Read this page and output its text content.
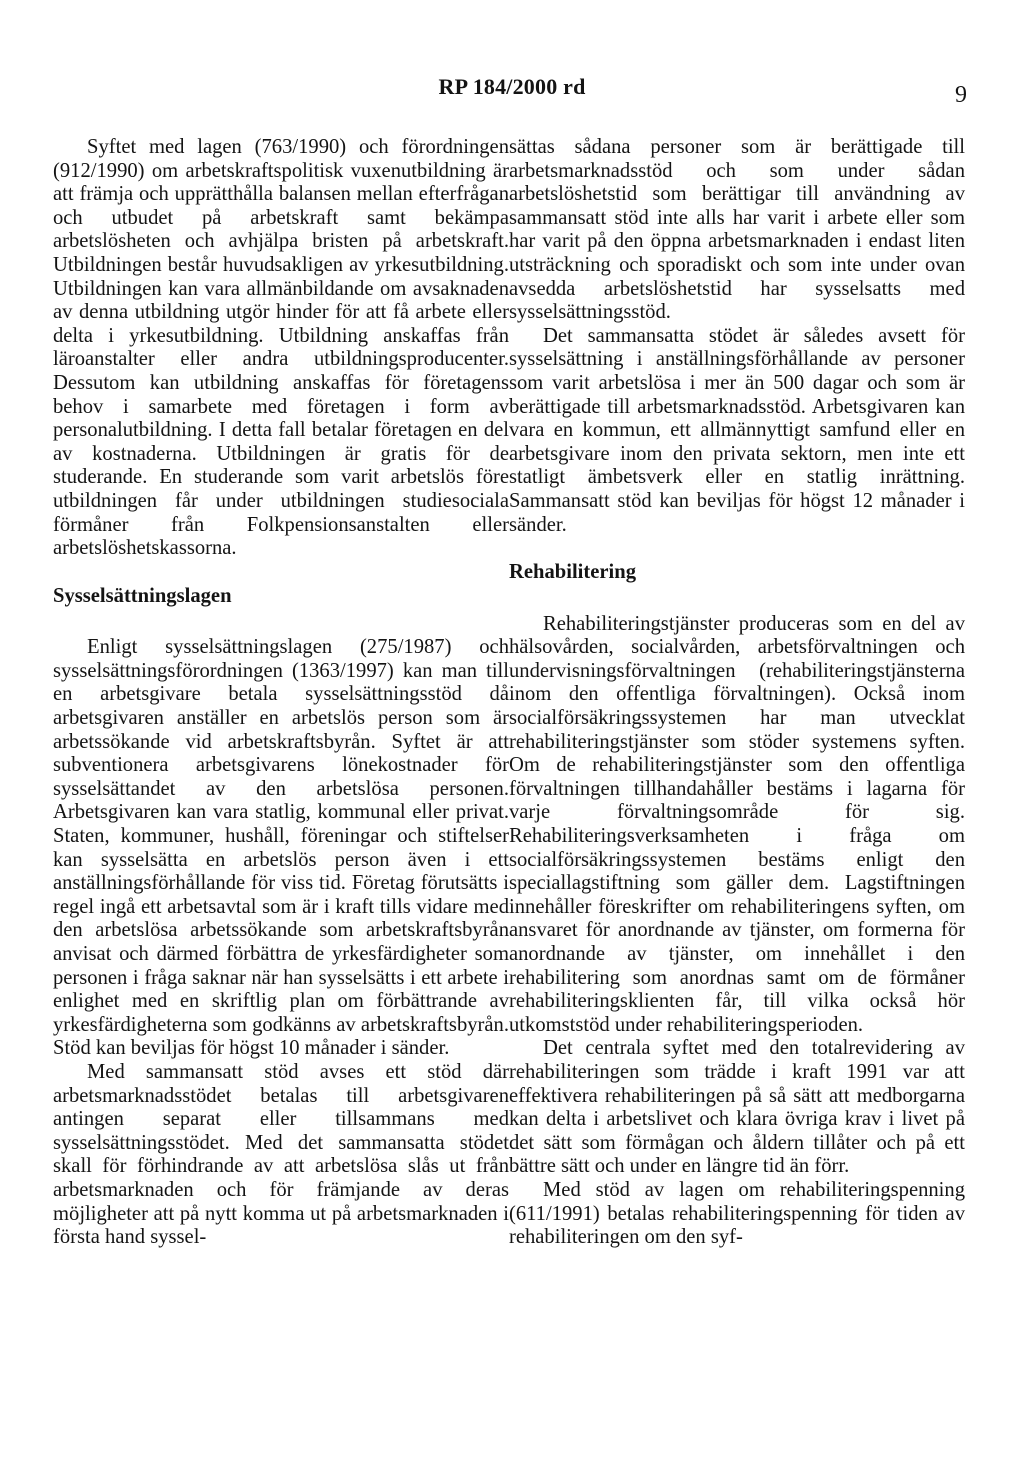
RP 184/2000 rd	9

Syftet med lagen (763/1990) och förordningen (912/1990) om arbetskraftspolitisk vuxenutbildning är att främja och upprätthålla balansen mellan efterfrågan och utbudet på arbetskraft samt bekämpa arbetslösheten och avhjälpa bristen på arbetskraft. Utbildningen består huvudsakligen av yrkesutbildning. Utbildningen kan vara allmänbildande om avsaknaden av denna utbildning utgör hinder för att få arbete eller delta i yrkesutbildning. Utbildning anskaffas från läroanstalter eller andra utbildningsproducenter. Dessutom kan utbildning anskaffas för företagens behov i samarbete med företagen i form av personalutbildning. I detta fall betalar företagen en del av kostnaderna. Utbildningen är gratis för de studerande. En studerande som varit arbetslös före utbildningen får under utbildningen studiesociala förmåner från Folkpensionsanstalten eller arbetslöshetskassorna.

Sysselsättningslagen

Enligt sysselsättningslagen (275/1987) och sysselsättningsförordningen (1363/1997) kan man till en arbetsgivare betala sysselsättningsstöd då arbetsgivaren anställer en arbetslös person som är arbetssökande vid arbetskraftsbyrån. Syftet är att subventionera arbetsgivarens lönekostnader för sysselsättandet av den arbetslösa personen. Arbetsgivaren kan vara statlig, kommunal eller privat. Staten, kommuner, hushåll, föreningar och stiftelser kan sysselsätta en arbetslös person även i ett anställningsförhållande för viss tid. Företag förutsätts i regel ingå ett arbetsavtal som är i kraft tills vidare med den arbetslösa arbetssökande som arbetskraftsbyrån anvisat och därmed förbättra de yrkesfärdigheter som personen i fråga saknar när han sysselsätts i ett arbete i enlighet med en skriftlig plan om förbättrande av yrkesfärdigheterna som godkänns av arbetskraftsbyrån. Stöd kan beviljas för högst 10 månader i sänder.

Med sammansatt stöd avses ett stöd där arbetsmarknadsstödet betalas till arbetsgivaren antingen separat eller tillsammans med sysselsättningsstödet. Med det sammansatta stödet skall för förhindrande av att arbetslösa slås ut från arbetsmarknaden och för främjande av deras möjligheter att på nytt komma ut på arbetsmarknaden i första hand syssel-

sättas sådana personer som är berättigade till arbetsmarknadsstöd och som under sådan arbetslöshetstid som berättigar till användning av sammansatt stöd inte alls har varit i arbete eller som har varit på den öppna arbetsmarknaden i endast liten utsträckning och sporadiskt och som inte under ovan avsedda arbetslöshetstid har sysselsatts med sysselsättningsstöd.

Det sammansatta stödet är således avsett för sysselsättning i anställningsförhållande av personer som varit arbetslösa i mer än 500 dagar och som är berättigade till arbetsmarknadsstöd. Arbetsgivaren kan vara en kommun, ett allmännyttigt samfund eller en arbetsgivare inom den privata sektorn, men inte ett statligt ämbetsverk eller en statlig inrättning. Sammansatt stöd kan beviljas för högst 12 månader i sänder.

Rehabilitering

Rehabiliteringstjänster produceras som en del av hälsovården, socialvården, arbetsförvaltningen och undervisningsförvaltningen (rehabiliteringstjänsterna inom den offentliga förvaltningen). Också inom socialförsäkringssystemen har man utvecklat rehabiliteringstjänster som stöder systemens syften. Om de rehabiliteringstjänster som den offentliga förvaltningen tillhandahåller bestäms i lagarna för varje förvaltningsområde för sig. Rehabiliteringsverksamheten i fråga om socialförsäkringssystemen bestäms enligt den speciallagstiftning som gäller dem. Lagstiftningen innehåller föreskrifter om rehabiliteringens syften, om ansvaret för anordnande av tjänster, om formerna för anordnande av tjänster, om innehållet i den rehabilitering som anordnas samt om de förmåner rehabiliteringsklienten får, till vilka också hör utkomststöd under rehabiliteringsperioden.

Det centrala syftet med den totalrevidering av rehabiliteringen som trädde i kraft 1991 var att effektivera rehabiliteringen på så sätt att medborgarna kan delta i arbetslivet och klara övriga krav i livet på det sätt som förmågan och åldern tillåter och på ett bättre sätt och under en längre tid än förr.

Med stöd av lagen om rehabiliteringspenning (611/1991) betalas rehabiliteringspenning för tiden av rehabiliteringen om den syf-
